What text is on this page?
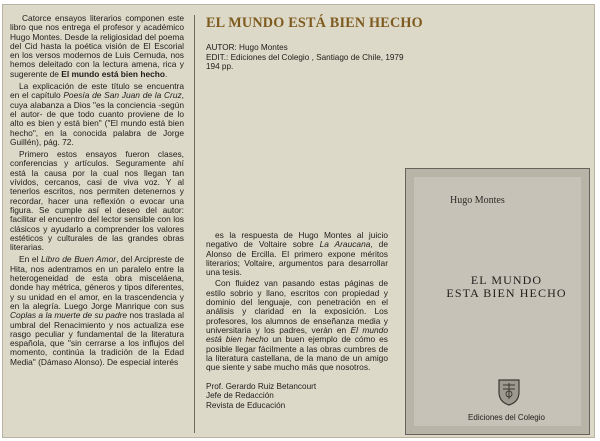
Catorce ensayos literarios componen este libro que nos entrega el profesor y académico Hugo Montes. Desde la religiosidad del poema del Cid hasta la poética visión de El Escorial en los versos modernos de Luis Cernuda, nos hemos deleitado con la lectura amena, rica y sugerente de El mundo está bien hecho.

La explicación de este título se encuentra en el capítulo Poesía de San Juan de la Cruz, cuya alabanza a Dios "es la conciencia -según el autor- de que todo cuanto proviene de lo alto es bien y está bien" ("El mundo está bien hecho", en la conocida palabra de Jorge Guillén), pág. 72.

Primero estos ensayos fueron clases, conferencias y artículos. Seguramente ahí está la causa por la cual nos llegan tan vívidos, cercanos, casi de viva voz. Y al tenerlos escritos, nos permiten detenernos y recordar, hacer una reflexión o evocar una figura. Se cumple así el deseo del autor: facilitar el encuentro del lector sensible con los clásicos y ayudarlo a comprender los valores estéticos y culturales de las grandes obras literarias.

En el Libro de Buen Amor, del Arcipreste de Hita, nos adentramos en un paralelo entre la heterogeneidad de esta obra misceláena, donde hay métrica, géneros y tipos diferentes, y su unidad en el amor, en la trascendencia y en la alegría. Luego Jorge Manrique con sus Coplas a la muerte de su padre nos traslada al umbral del Renacimiento y nos actualiza ese rasgo peculiar y fundamental de la literatura española, que "sin cerrarse a los influjos del momento, continúa la tradición de la Edad Media" (Dámaso Alonso). De especial interés

EL MUNDO ESTÁ BIEN HECHO
AUTOR: Hugo Montes
EDIT.: Ediciones del Colegio , Santiago de Chile, 1979
194 pp.

es la respuesta de Hugo Montes al juicio negativo de Voltaire sobre La Araucana, de Alonso de Ercilla. El primero expone méritos literarios; Voltaire, argumentos para desarrollar una tesis.

Con fluidez van pasando estas páginas de estilo sobrio y llano, escritos con propiedad y dominio del lenguaje, con penetración en el análisis y claridad en la exposición. Los profesores, los alumnos de enseñanza media y universitaria y los padres, verán en El mundo está bien hecho un buen ejemplo de cómo es posible llegar fácilmente a las obras cumbres de la literatura castellana, de la mano de un amigo que siente y sabe mucho más que nosotros.

Prof. Gerardo Ruiz Betancourt
Jefe de Redacción
Revista de Educación
Hugo Montes
EL MUNDO
ESTA BIEN HECHO
Ediciones del Colegio
